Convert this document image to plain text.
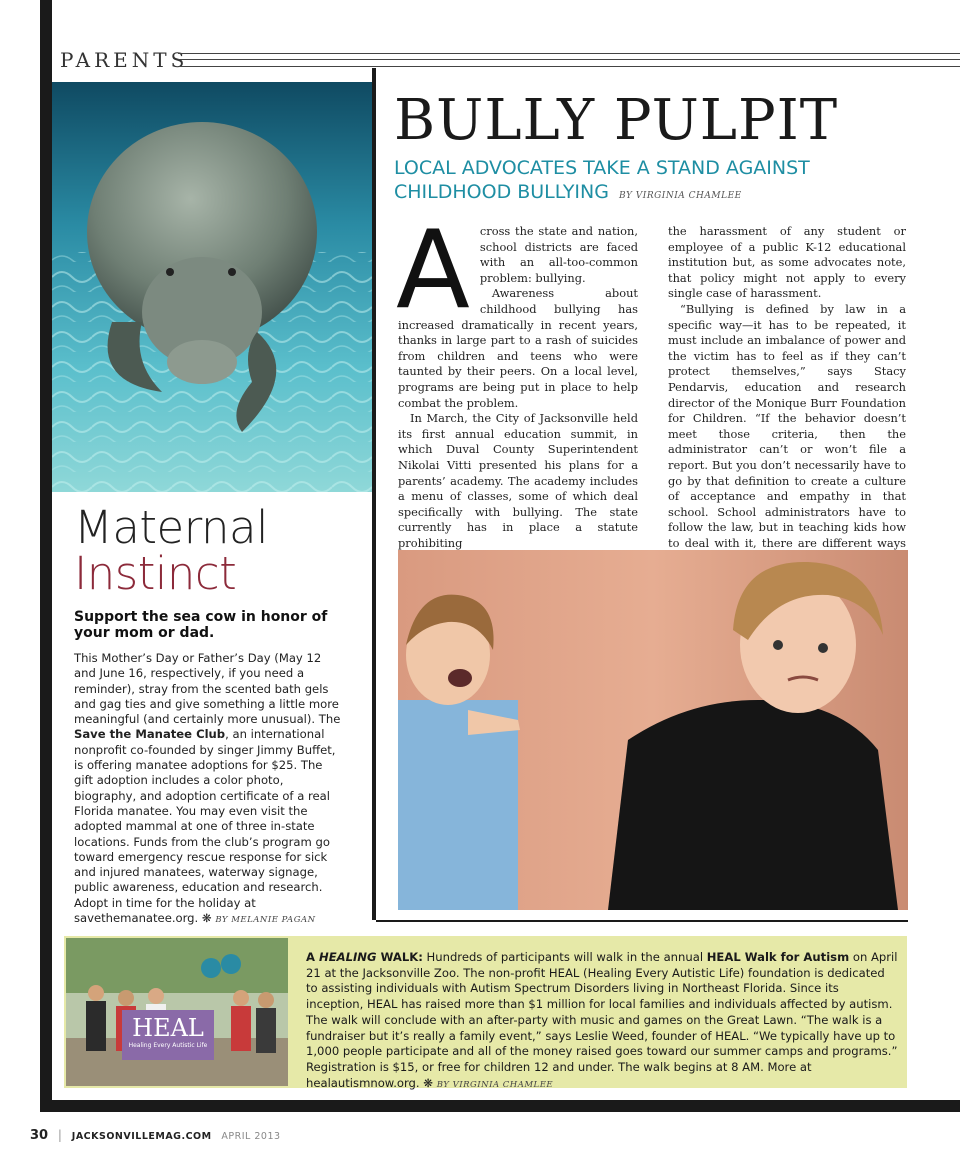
PARENTS
Maternal
Instinct
Support the sea cow in honor of your mom or dad.
This Mother’s Day or Father’s Day (May 12 and June 16, respectively, if you need a reminder), stray from the scented bath gels and gag ties and give something a little more meaningful (and certainly more unusual). The Save the Manatee Club, an international nonprofit co-founded by singer Jimmy Buffet, is offering manatee adoptions for $25. The gift adoption includes a color photo, biography, and adoption certificate of a real Florida manatee. You may even visit the adopted mammal at one of three in-state locations. Funds from the club’s program go toward emergency rescue response for sick and injured manatees, waterway signage, public awareness, education and research. Adopt in time for the holiday at savethemanatee.org. ❋ BY MELANIE PAGAN
BULLY PULPIT
LOCAL ADVOCATES TAKE A STAND AGAINST CHILDHOOD BULLYING BY VIRGINIA CHAMLEE
A cross the state and nation, school districts are faced with an all-too-common problem: bullying.

Awareness about childhood bullying has increased dramatically in recent years, thanks in large part to a rash of suicides from children and teens who were taunted by their peers. On a local level, programs are being put in place to help combat the problem.

In March, the City of Jacksonville held its first annual education summit, in which Duval County Superintendent Nikolai Vitti presented his plans for a parents’ academy. The academy includes a menu of classes, some of which deal specifically with bullying. The state currently has in place a statute prohibiting

the harassment of any student or employee of a public K-12 educational institution but, as some advocates note, that policy might not apply to every single case of harassment.

“Bullying is defined by law in a specific way—it has to be repeated, it must include an imbalance of power and the victim has to feel as if they can’t protect themselves,” says Stacy Pendarvis, education and research director of the Monique Burr Foundation for Children. “If the behavior doesn’t meet those criteria, then the administrator can’t or won’t file a report. But you don’t necessarily have to go by that definition to create a culture of acceptance and empathy in that school. School administrators have to follow the law, but in teaching kids how to deal with it, there are different ways

HEAL
Healing Every Autistic Life
A HEALING WALK: Hundreds of participants will walk in the annual HEAL Walk for Autism on April 21 at the Jacksonville Zoo. The non-profit HEAL (Healing Every Autistic Life) foundation is dedicated to assisting individuals with Autism Spectrum Disorders living in Northeast Florida. Since its inception, HEAL has raised more than $1 million for local families and individuals affected by autism. The walk will conclude with an after-party with music and games on the Great Lawn. “The walk is a fundraiser but it’s really a family event,” says Leslie Weed, founder of HEAL. “We typically have up to 1,000 people participate and all of the money raised goes toward our summer camps and programs.” Registration is $15, or free for children 12 and under. The walk begins at 8 AM. More at healautismnow.org. ❋ BY VIRGINIA CHAMLEE
30 | JACKSONVILLEMAG.COM APRIL 2013
